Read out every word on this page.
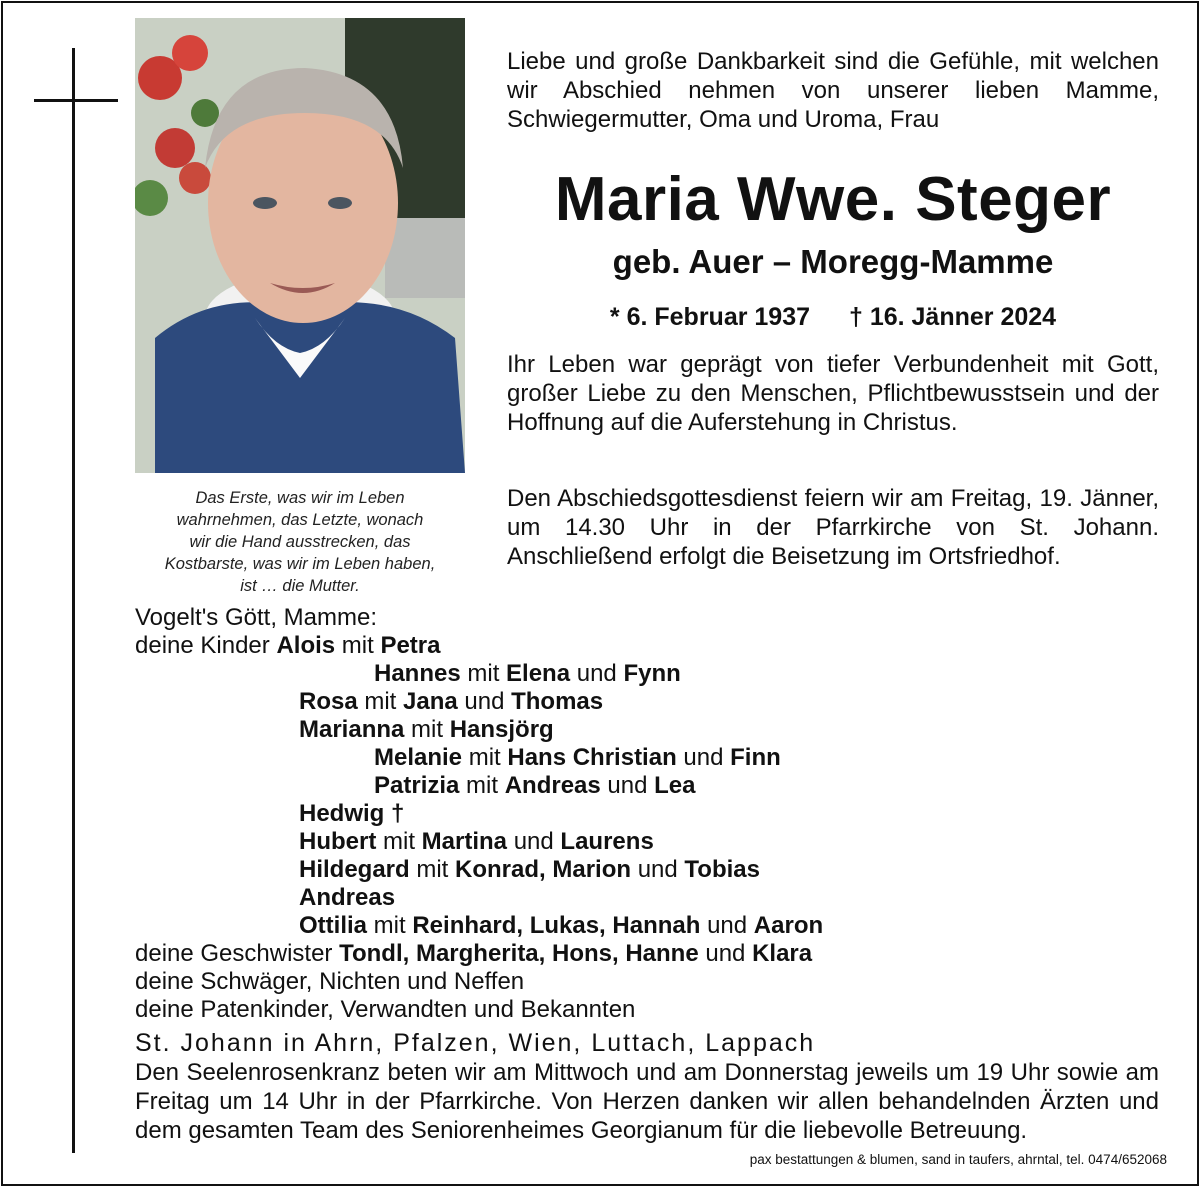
Das Erste, was wir im Leben
wahrnehmen, das Letzte, wonach
wir die Hand ausstrecken, das
Kostbarste, was wir im Leben haben,
ist … die Mutter.
Liebe und große Dankbarkeit sind die Gefühle, mit welchen wir Abschied nehmen von unserer lieben Mamme, Schwiegermutter, Oma und Uroma, Frau
Maria Wwe. Steger
geb. Auer – Moregg-Mamme
* 6. Februar 1937 † 16. Jänner 2024
Ihr Leben war geprägt von tiefer Verbundenheit mit Gott, großer Liebe zu den Menschen, Pflichtbewusstsein und der Hoffnung auf die Auferstehung in Christus.
Den Abschiedsgottesdienst feiern wir am Freitag, 19. Jänner, um 14.30 Uhr in der Pfarrkirche von St. Johann. Anschließend erfolgt die Beisetzung im Ortsfriedhof.
Vogelt's Gött, Mamme:
deine Kinder Alois mit Petra
Hannes mit Elena und Fynn
Rosa mit Jana und Thomas
Marianna mit Hansjörg
Melanie mit Hans Christian und Finn
Patrizia mit Andreas und Lea
Hedwig †
Hubert mit Martina und Laurens
Hildegard mit Konrad, Marion und Tobias
Andreas
Ottilia mit Reinhard, Lukas, Hannah und Aaron
deine Geschwister Tondl, Margherita, Hons, Hanne und Klara
deine Schwäger, Nichten und Neffen
deine Patenkinder, Verwandten und Bekannten
St. Johann in Ahrn, Pfalzen, Wien, Luttach, Lappach
Den Seelenrosenkranz beten wir am Mittwoch und am Donnerstag jeweils um 19 Uhr sowie am Freitag um 14 Uhr in der Pfarrkirche. Von Herzen danken wir allen behandelnden Ärzten und dem gesamten Team des Seniorenheimes Georgianum für die liebevolle Betreuung.
pax bestattungen & blumen, sand in taufers, ahrntal, tel. 0474/652068
